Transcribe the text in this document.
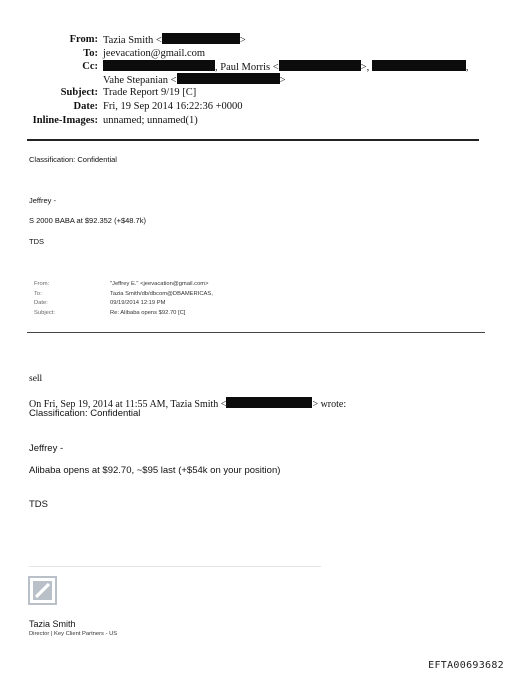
From: Tazia Smith <	>
To: jeevacation@gmail.com
Cc:	, Paul Morris <	>,	,
Vahe Stepanian <	>
Subject: Trade Report 9/19 [C]
Date: Fri, 19 Sep 2014 16:22:36 +0000
Inline-Images: unnamed; unnamed(1)
Classification: Confidential
Jeffrey -
S 2000 BABA at $92.352 (+$48.7k)
TDS
From:	"Jeffrey E." <jeevacation@gmail.com>
To:	Tazia Smith/db/dbcom@DBAMERICAS,
Date:	09/19/2014 12:19 PM
Subject:	Re: Alibaba opens $92.70 [C]
sell
On Fri, Sep 19, 2014 at 11:55 AM, Tazia Smith <	> wrote:
Classification: Confidential
Jeffrey -
Alibaba opens at $92.70, ~$95 last (+$54k on your position)
TDS
Tazia Smith
Director | Key Client Partners - US
EFTA00693682
